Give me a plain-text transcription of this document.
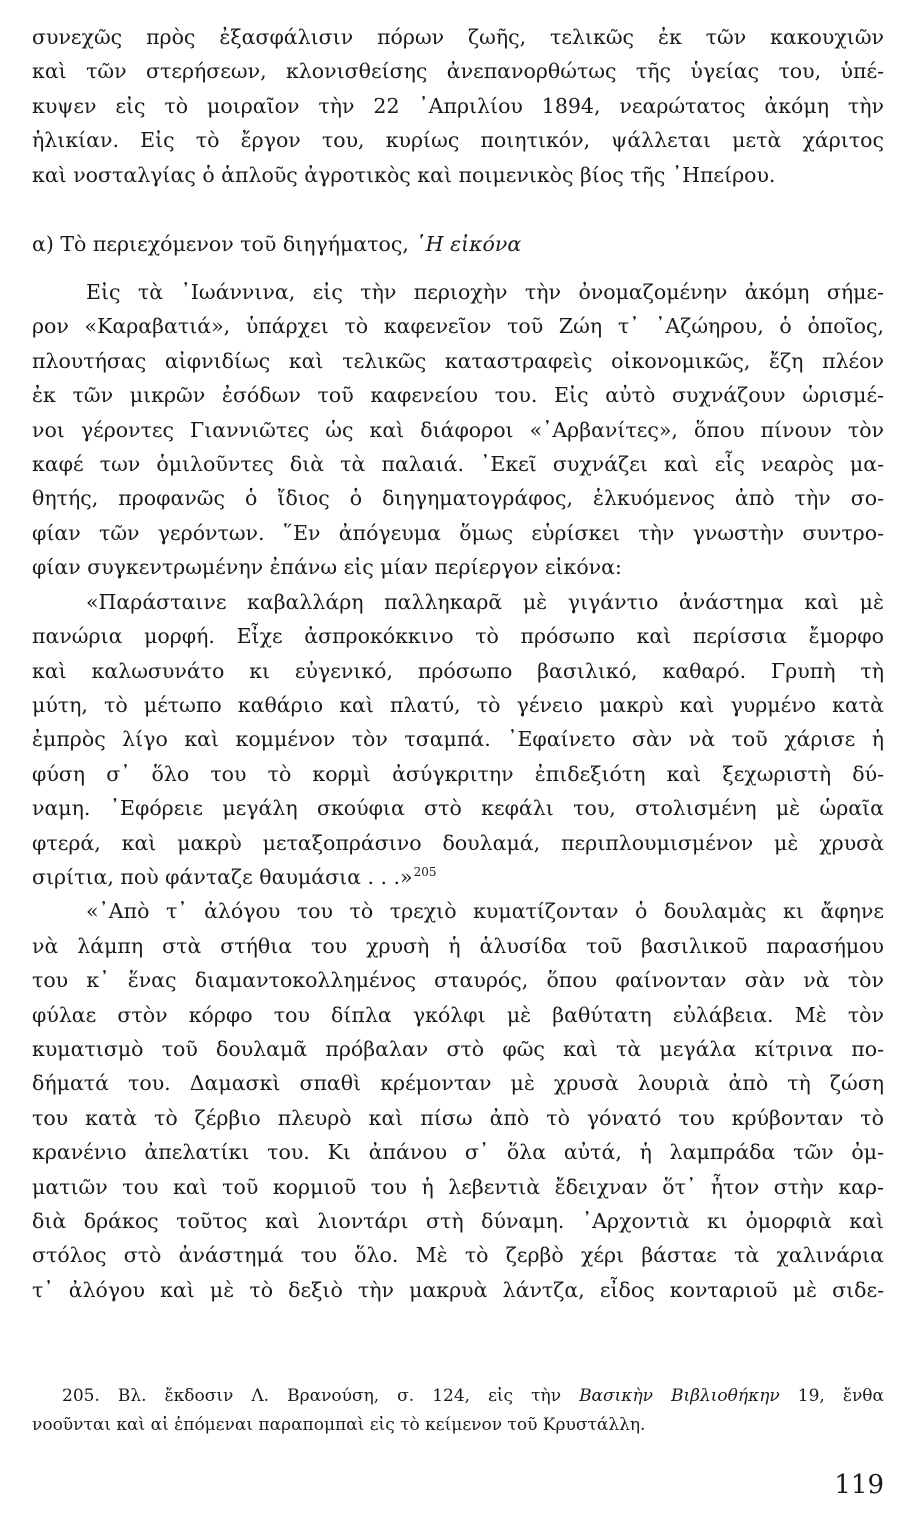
συνεχῶς πρὸς ἐξασφάλισιν πόρων ζωῆς, τελικῶς ἐκ τῶν κακουχιῶν
καὶ τῶν στερήσεων, κλονισθείσης ἀνεπανορθώτως τῆς ὑγείας του, ὑπέ-
κυψεν εἰς τὸ μοιραῖον τὴν 22 ᾿Απριλίου 1894, νεαρώτατος ἀκόμη τὴν
ἡλικίαν. Εἰς τὸ ἔργον του, κυρίως ποιητικόν, ψάλλεται μετὰ χάριτος
καὶ νοσταλγίας ὁ ἁπλοῦς ἀγροτικὸς καὶ ποιμενικὸς βίος τῆς ᾿Ηπείρου.

α) Τὸ περιεχόμενον τοῦ διηγήματος, ῾Η εἰκόνα

Εἰς τὰ ᾿Ιωάννινα, εἰς τὴν περιοχὴν τὴν ὀνομαζομένην ἀκόμη σήμε-
ρον «Καραβατιά», ὑπάρχει τὸ καφενεῖον τοῦ Ζώη τ᾿ ᾿Αζώηρου, ὁ ὁποῖος,
πλουτήσας αἰφνιδίως καὶ τελικῶς καταστραφεὶς οἰκονομικῶς, ἔζη πλέον
ἐκ τῶν μικρῶν ἐσόδων τοῦ καφενείου του. Εἰς αὐτὸ συχνάζουν ὡρισμέ-
νοι γέροντες Γιαννιῶτες ὡς καὶ διάφοροι «᾿Αρβανίτες», ὅπου πίνουν τὸν
καφέ των ὁμιλοῦντες διὰ τὰ παλαιά. ᾿Εκεῖ συχνάζει καὶ εἷς νεαρὸς μα-
θητής, προφανῶς ὁ ἴδιος ὁ διηγηματογράφος, ἑλκυόμενος ἀπὸ τὴν σο-
φίαν τῶν γερόντων. ῞Εν ἀπόγευμα ὅμως εὑρίσκει τὴν γνωστὴν συντρο-
φίαν συγκεντρωμένην ἐπάνω εἰς μίαν περίεργον εἰκόνα:

«Παράσταινε καβαλλάρη παλληκαρᾶ μὲ γιγάντιο ἀνάστημα καὶ μὲ
πανώρια μορφή. Εἶχε ἀσπροκόκκινο τὸ πρόσωπο καὶ περίσσια ἔμορφο
καὶ καλωσυνάτο κι εὐγενικό, πρόσωπο βασιλικό, καθαρό. Γρυπὴ τὴ
μύτη, τὸ μέτωπο καθάριο καὶ πλατύ, τὸ γένειο μακρὺ καὶ γυρμένο κατὰ
ἐμπρὸς λίγο καὶ κομμένον τὸν τσαμπά. ᾿Εφαίνετο σὰν νὰ τοῦ χάρισε ἡ
φύση σ᾿ ὅλο του τὸ κορμὶ ἀσύγκριτην ἐπιδεξιότη καὶ ξεχωριστὴ δύ-
ναμη. ᾿Εφόρειε μεγάλη σκούφια στὸ κεφάλι του, στολισμένη μὲ ὡραῖα
φτερά, καὶ μακρὺ μεταξοπράσινο δουλαμά, περιπλουμισμένον μὲ χρυσὰ
σιρίτια, ποὺ φάνταζε θαυμάσια . . .»$^{205}$

«᾿Απὸ τ᾿ ἀλόγου του τὸ τρεχιὸ κυματίζονταν ὁ δουλαμὰς κι ἄφηνε
νὰ λάμπη στὰ στήθια του χρυσὴ ἡ ἁλυσίδα τοῦ βασιλικοῦ παρασήμου
του κ᾿ ἕνας διαμαντοκολλημένος σταυρός, ὅπου φαίνονταν σὰν νὰ τὸν
φύλαε στὸν κόρφο του δίπλα γκόλφι μὲ βαθύτατη εὐλάβεια. Μὲ τὸν
κυματισμὸ τοῦ δουλαμᾶ πρόβαλαν στὸ φῶς καὶ τὰ μεγάλα κίτρινα πο-
δήματά του. Δαμασκὶ σπαθὶ κρέμονταν μὲ χρυσὰ λουριὰ ἀπὸ τὴ ζώση
του κατὰ τὸ ζέρβιο πλευρὸ καὶ πίσω ἀπὸ τὸ γόνατό του κρύβονταν τὸ
κρανένιο ἀπελατίκι του. Κι ἀπάνου σ᾿ ὅλα αὐτά, ἡ λαμπράδα τῶν ὀμ-
ματιῶν του καὶ τοῦ κορμιοῦ του ἡ λεβεντιὰ ἔδειχναν ὅτ᾿ ἦτον στὴν καρ-
διὰ δράκος τοῦτος καὶ λιοντάρι στὴ δύναμη. ᾿Αρχοντιὰ κι ὀμορφιὰ καὶ
στόλος στὸ ἀνάστημά του ὅλο. Μὲ τὸ ζερβὸ χέρι βάσταε τὰ χαλινάρια
τ᾿ ἀλόγου καὶ μὲ τὸ δεξιὸ τὴν μακρυὰ λάντζα, εἶδος κονταριοῦ μὲ σιδε-

205. Βλ. ἔκδοσιν Λ. Βρανούση, σ. 124, εἰς τὴν Βασικὴν Βιβλιοθήκην 19, ἔνθα
νοοῦνται καὶ αἱ ἑπόμεναι παραπομπαὶ εἰς τὸ κείμενον τοῦ Κρυστάλλη.

119
